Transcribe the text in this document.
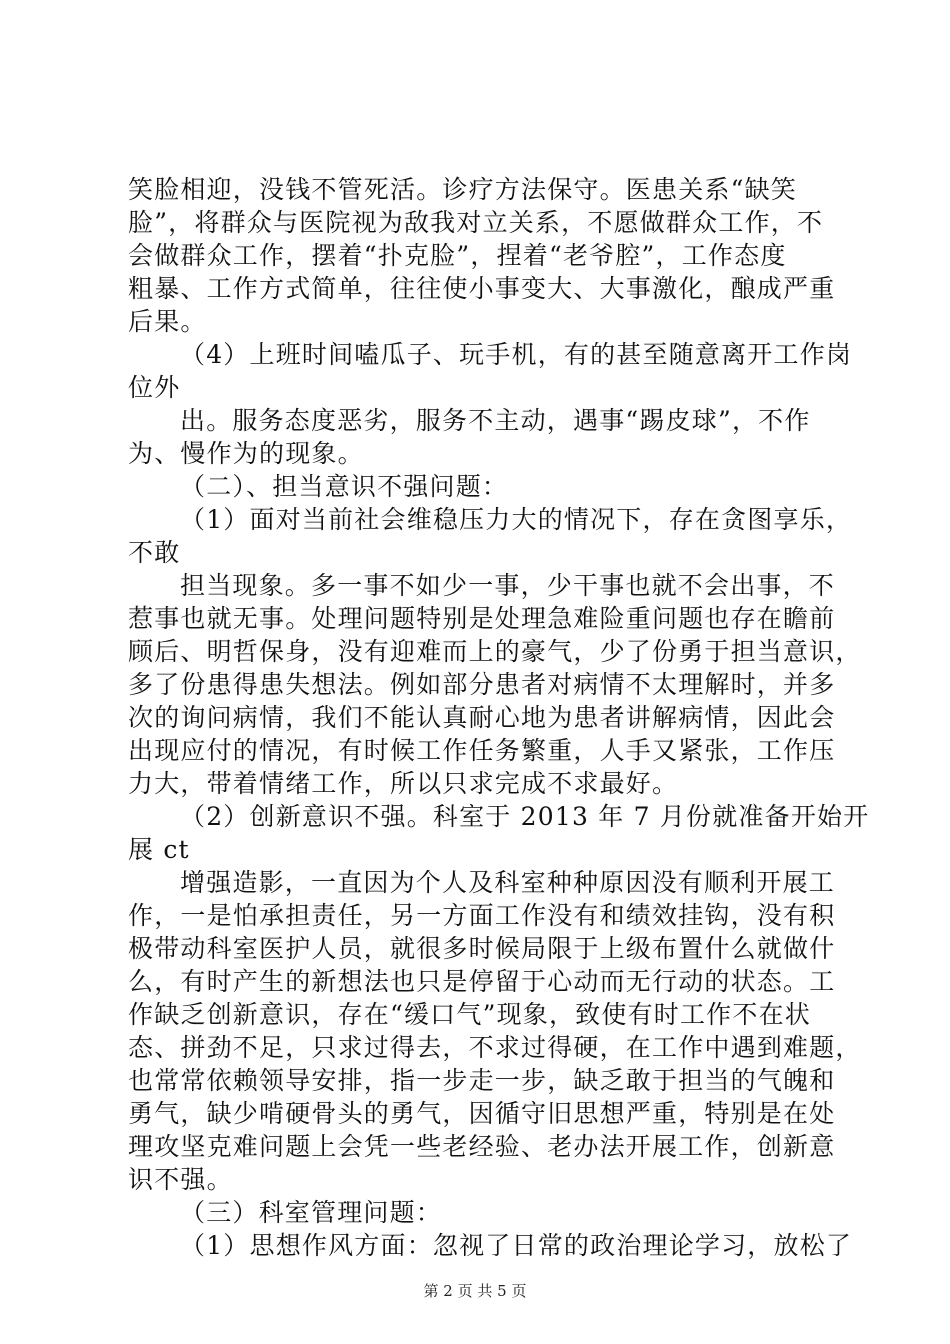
笑脸相迎，没钱不管死活。诊疗方法保守。医患关系“缺笑
脸”，将群众与医院视为敌我对立关系，不愿做群众工作，不
会做群众工作，摆着“扑克脸”，捏着“老爷腔”，工作态度
粗暴、工作方式简单，往往使小事变大、大事激化，酿成严重
后果。
（4）上班时间嗑瓜子、玩手机，有的甚至随意离开工作岗
位外
出。服务态度恶劣，服务不主动，遇事“踢皮球”，不作
为、慢作为的现象。
（二）、担当意识不强问题：
（1）面对当前社会维稳压力大的情况下，存在贪图享乐，
不敢
担当现象。多一事不如少一事，少干事也就不会出事，不
惹事也就无事。处理问题特别是处理急难险重问题也存在瞻前
顾后、明哲保身，没有迎难而上的豪气，少了份勇于担当意识，
多了份患得患失想法。例如部分患者对病情不太理解时，并多
次的询问病情，我们不能认真耐心地为患者讲解病情，因此会
出现应付的情况，有时候工作任务繁重，人手又紧张，工作压
力大，带着情绪工作，所以只求完成不求最好。
（2）创新意识不强。科室于 2013 年 7 月份就准备开始开
展 ct
增强造影，一直因为个人及科室种种原因没有顺利开展工
作，一是怕承担责任，另一方面工作没有和绩效挂钩，没有积
极带动科室医护人员，就很多时候局限于上级布置什么就做什
么，有时产生的新想法也只是停留于心动而无行动的状态。工
作缺乏创新意识，存在“缓口气”现象，致使有时工作不在状
态、拼劲不足，只求过得去，不求过得硬，在工作中遇到难题，
也常常依赖领导安排，指一步走一步，缺乏敢于担当的气魄和
勇气，缺少啃硬骨头的勇气，因循守旧思想严重，特别是在处
理攻坚克难问题上会凭一些老经验、老办法开展工作，创新意
识不强。
（三）科室管理问题：
（1）思想作风方面：忽视了日常的政治理论学习，放松了
第 2 页 共 5 页
